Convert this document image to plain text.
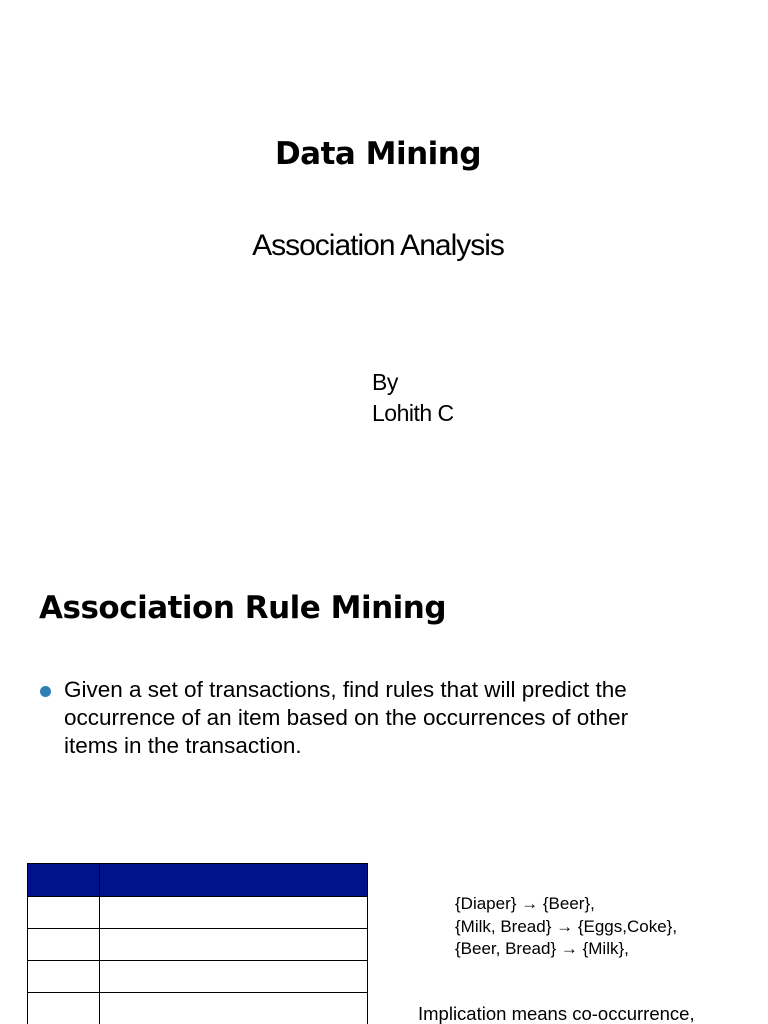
Data Mining
Association Analysis
By
Lohith C
Association Rule Mining
Given a set of transactions, find rules that will predict the
occurrence of an item based on the occurrences of other
items in the transaction.

{Diaper} → {Beer},
{Milk, Bread} → {Eggs,Coke},
{Beer, Bread} → {Milk},
Implication means co-occurrence,
